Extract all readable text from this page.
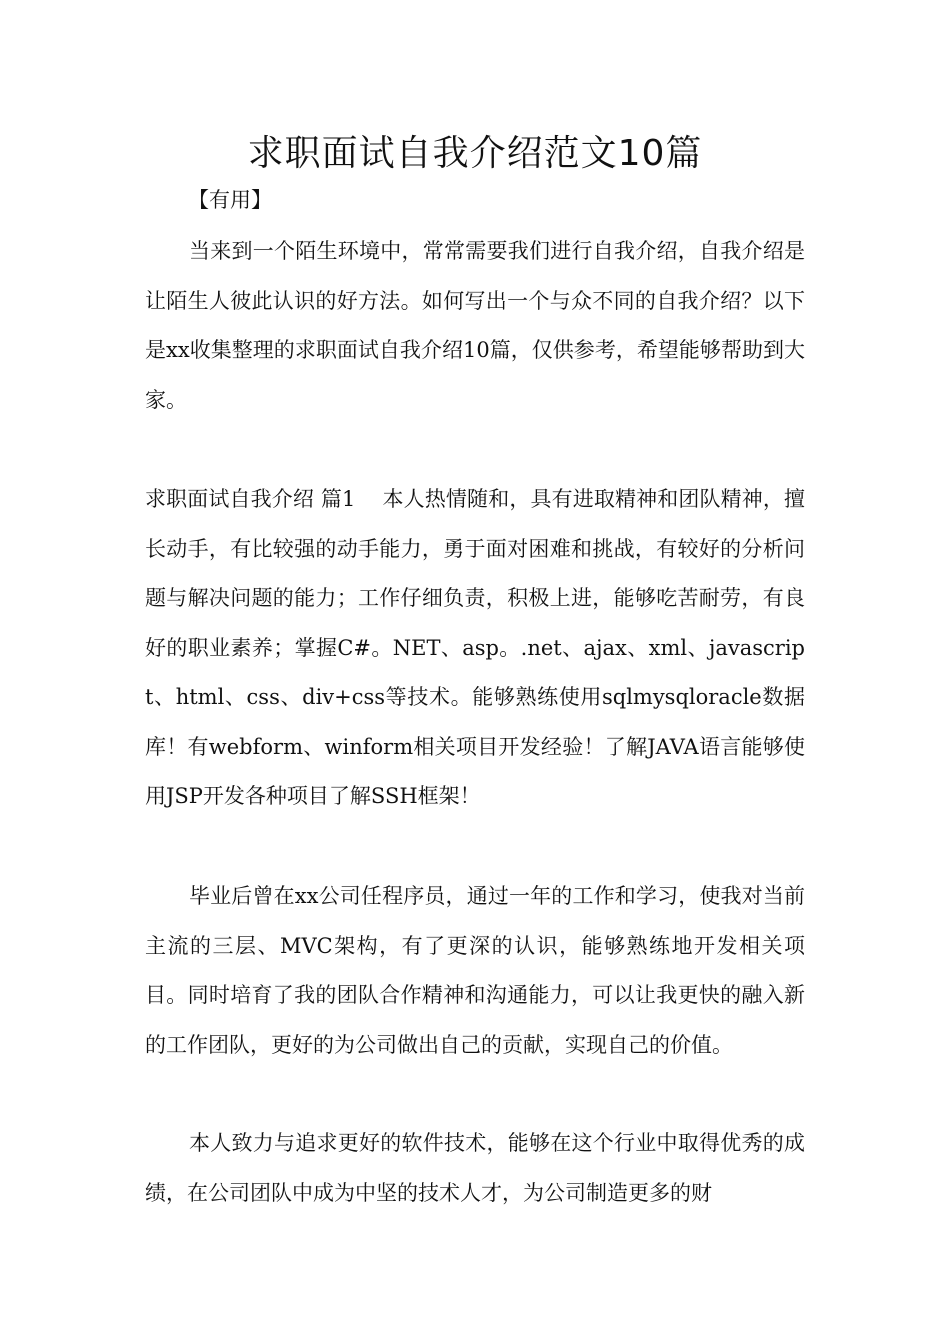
求职面试自我介绍范文10篇

【有用】

当来到一个陌生环境中，常常需要我们进行自我介绍，自我介绍是让陌生人彼此认识的好方法。如何写出一个与众不同的自我介绍？以下是xx收集整理的求职面试自我介绍10篇，仅供参考，希望能够帮助到大家。

求职面试自我介绍 篇1 本人热情随和，具有进取精神和团队精神，擅长动手，有比较强的动手能力，勇于面对困难和挑战，有较好的分析问题与解决问题的能力；工作仔细负责，积极上进，能够吃苦耐劳，有良好的职业素养；掌握C#。NET、asp。.net、ajax、xml、javascript、html、css、div+css等技术。能够熟练使用sqlmysqloracle数据库！有webform、winform相关项目开发经验！了解JAVA语言能够使用JSP开发各种项目了解SSH框架！

毕业后曾在xx公司任程序员，通过一年的工作和学习，使我对当前主流的三层、MVC架构，有了更深的认识，能够熟练地开发相关项目。同时培育了我的团队合作精神和沟通能力，可以让我更快的融入新的工作团队，更好的为公司做出自己的贡献，实现自己的价值。

本人致力与追求更好的软件技术，能够在这个行业中取得优秀的成绩，在公司团队中成为中坚的技术人才，为公司制造更多的财
